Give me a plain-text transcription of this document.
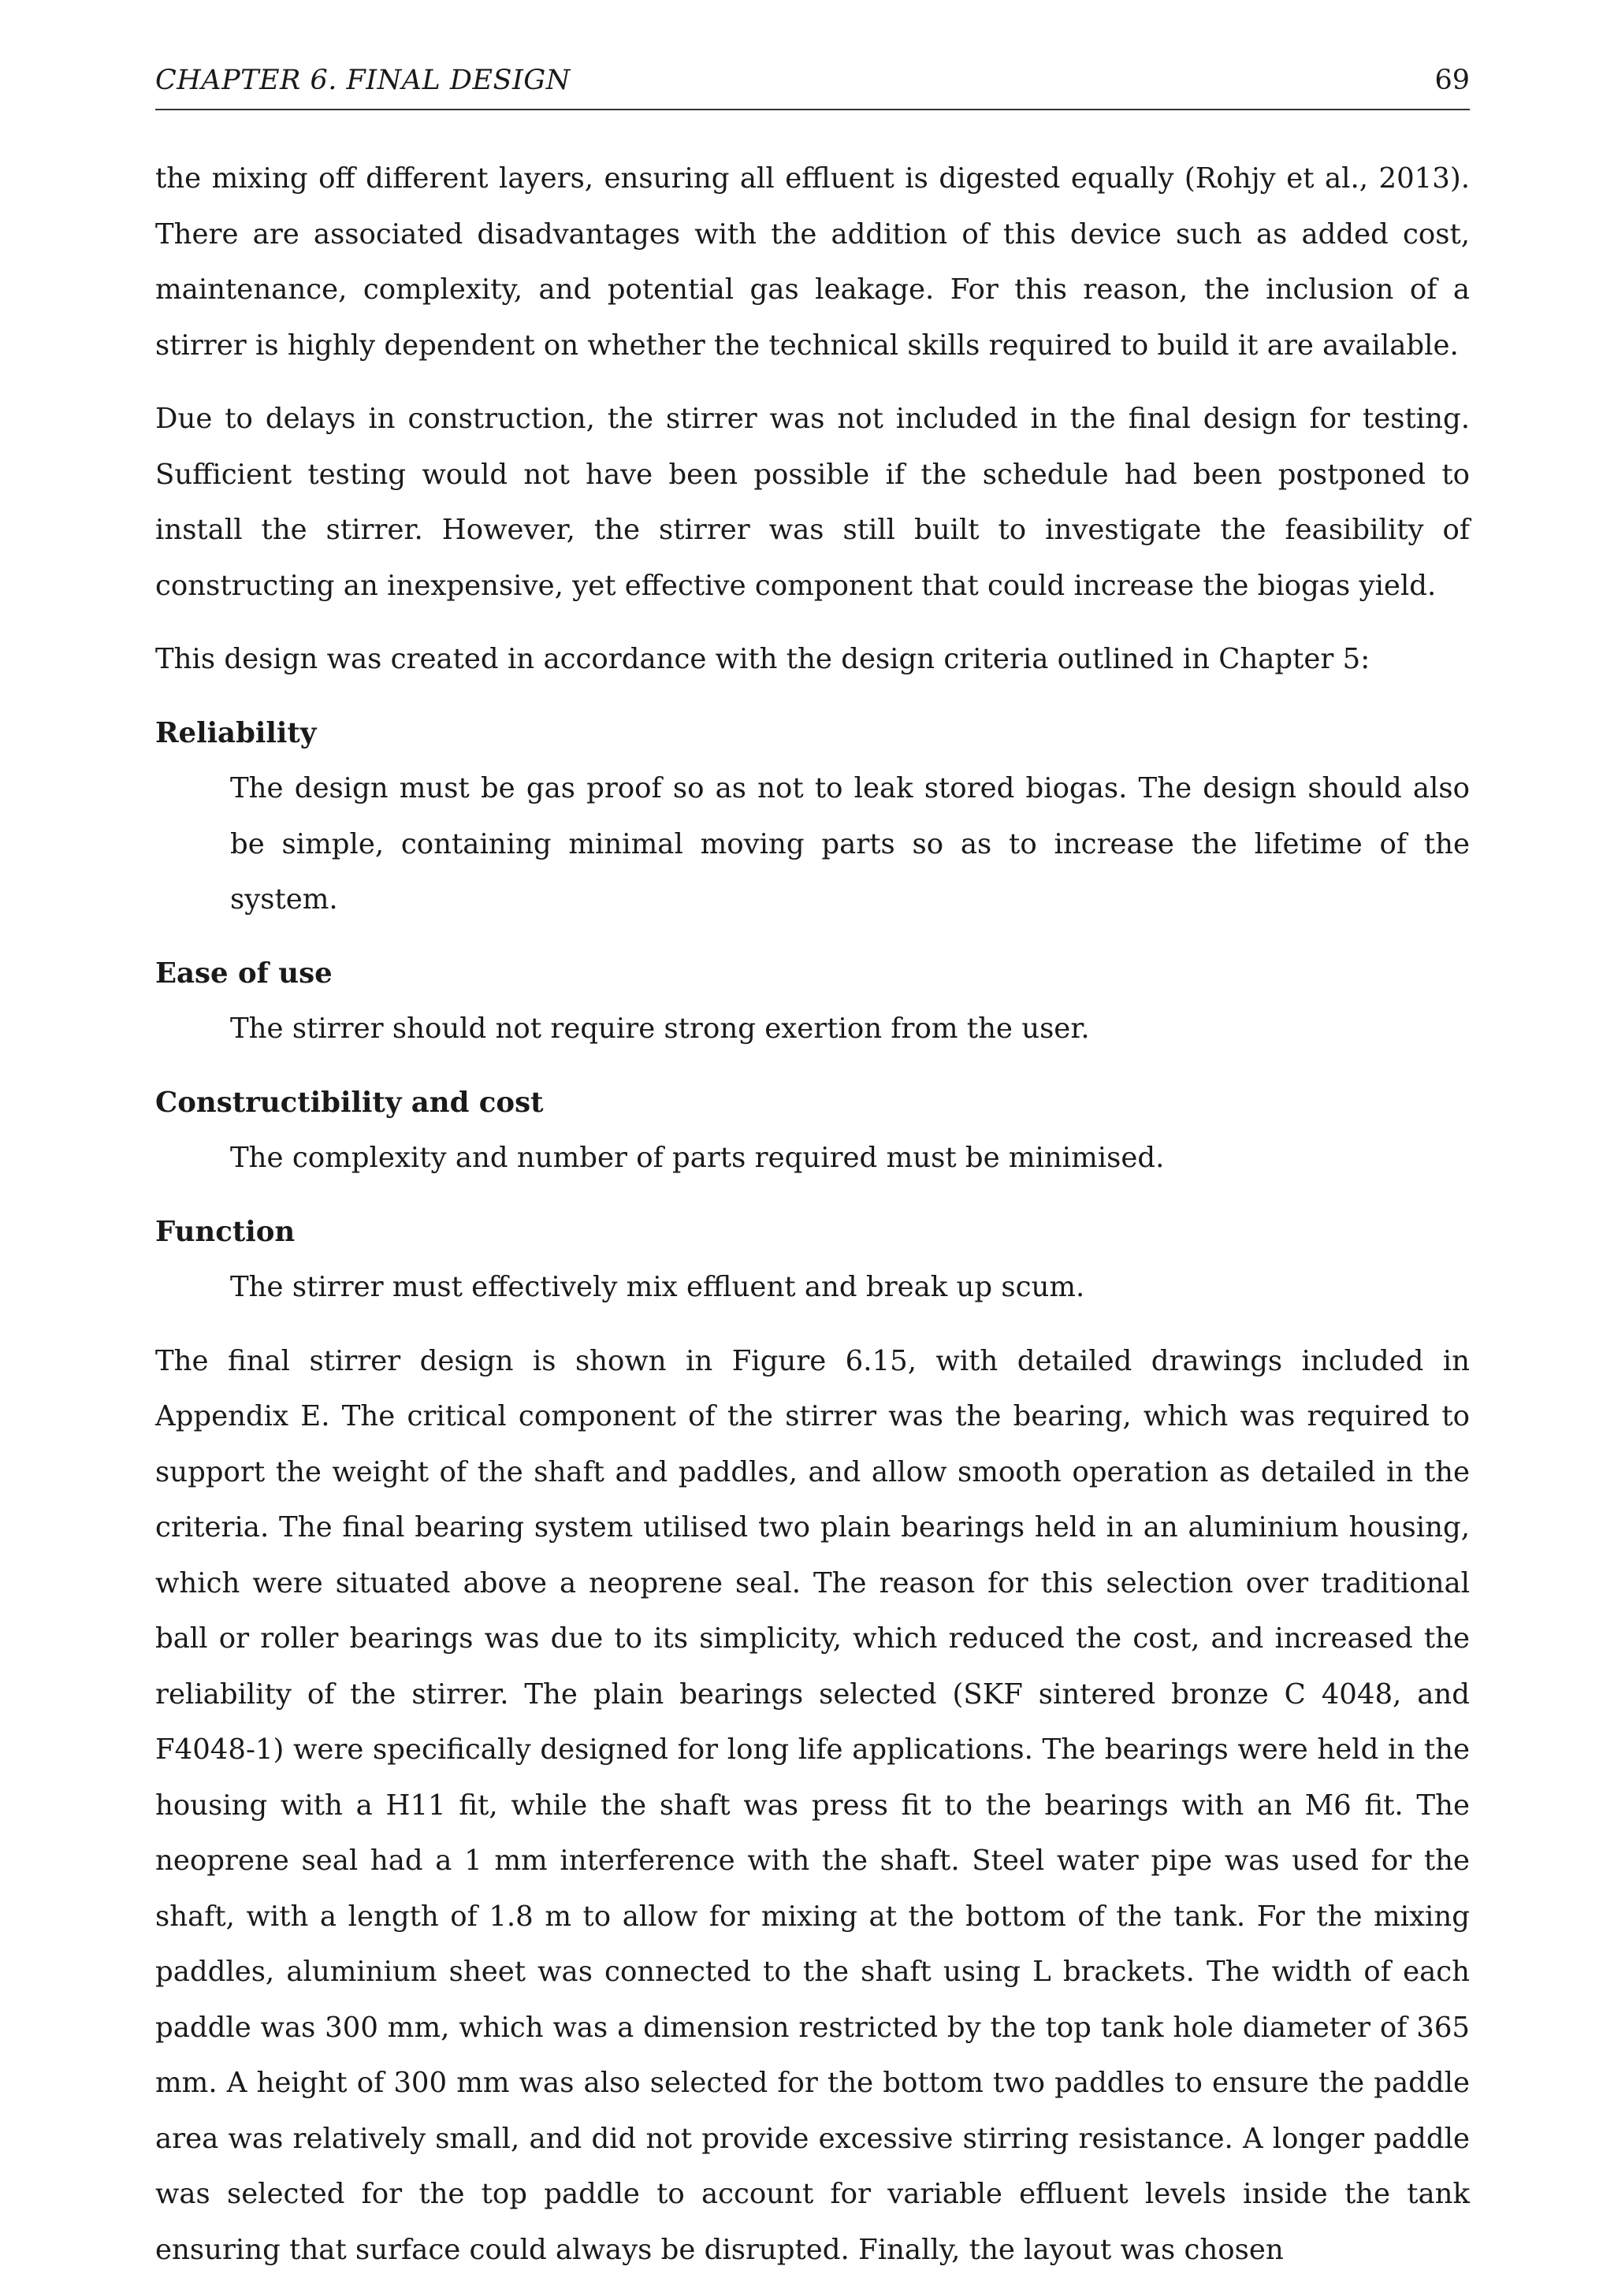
CHAPTER 6. FINAL DESIGN	69

the mixing off different layers, ensuring all effluent is digested equally (Rohjy et al., 2013). There are associated disadvantages with the addition of this device such as added cost, maintenance, complexity, and potential gas leakage. For this reason, the inclusion of a stirrer is highly dependent on whether the technical skills required to build it are available.

Due to delays in construction, the stirrer was not included in the final design for testing. Sufficient testing would not have been possible if the schedule had been postponed to install the stirrer. However, the stirrer was still built to investigate the feasibility of constructing an inexpensive, yet effective component that could increase the biogas yield.

This design was created in accordance with the design criteria outlined in Chapter 5:

Reliability
The design must be gas proof so as not to leak stored biogas. The design should also be simple, containing minimal moving parts so as to increase the lifetime of the system.
Ease of use
The stirrer should not require strong exertion from the user.
Constructibility and cost
The complexity and number of parts required must be minimised.
Function
The stirrer must effectively mix effluent and break up scum.

The final stirrer design is shown in Figure 6.15, with detailed drawings included in Appendix E. The critical component of the stirrer was the bearing, which was required to support the weight of the shaft and paddles, and allow smooth operation as detailed in the criteria. The final bearing system utilised two plain bearings held in an aluminium housing, which were situated above a neoprene seal. The reason for this selection over traditional ball or roller bearings was due to its simplicity, which reduced the cost, and increased the reliability of the stirrer. The plain bearings selected (SKF sintered bronze C 4048, and F4048-1) were specifically designed for long life applications. The bearings were held in the housing with a H11 fit, while the shaft was press fit to the bearings with an M6 fit. The neoprene seal had a 1 mm interference with the shaft. Steel water pipe was used for the shaft, with a length of 1.8 m to allow for mixing at the bottom of the tank. For the mixing paddles, aluminium sheet was connected to the shaft using L brackets. The width of each paddle was 300 mm, which was a dimension restricted by the top tank hole diameter of 365 mm. A height of 300 mm was also selected for the bottom two paddles to ensure the paddle area was relatively small, and did not provide excessive stirring resistance. A longer paddle was selected for the top paddle to account for variable effluent levels inside the tank ensuring that surface could always be disrupted. Finally, the layout was chosen
